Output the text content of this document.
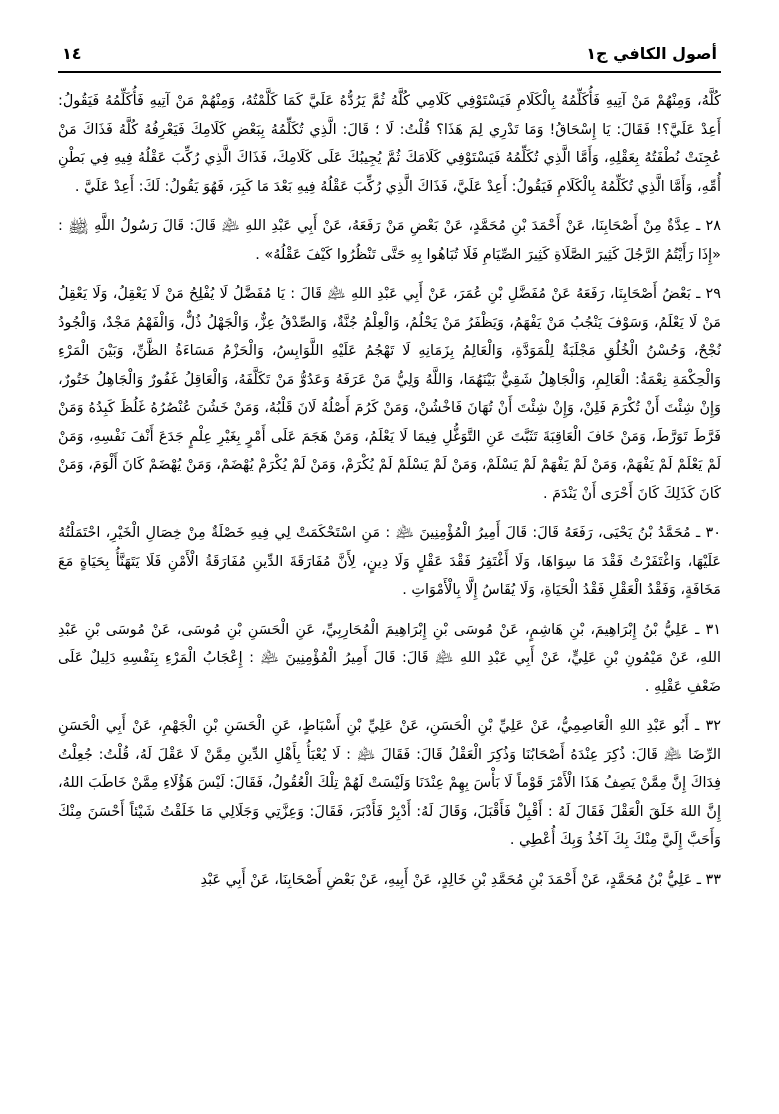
أصول الكافي ج١
١٤

كُلَّهُ، وَمِنْهُمْ مَنْ آتِيهِ فَأُكَلِّمُهُ بِالْكَلَامِ فَيَسْتَوْفِي كَلَامِي كُلَّهُ ثُمَّ يَرُدُّهُ عَلَيَّ كَمَا كَلَّمْتُهُ، وَمِنْهُمْ مَنْ آتِيهِ فَأُكَلِّمُهُ فَيَقُولُ: أَعِدْ عَلَيَّ؟! فَقَالَ: يَا إِسْحَاقُ! وَمَا تَدْرِي لِمَ هَذَا؟ قُلْتُ: لَا ؛ قَالَ: الَّذِي تُكَلِّمُهُ بِبَعْضِ كَلَامِكَ فَيَعْرِفُهُ كُلَّهُ فَذَاكَ مَنْ عُجِنَتْ نُطْفَتُهُ بِعَقْلِهِ، وَأَمَّا الَّذِي تُكَلِّمُهُ فَيَسْتَوْفِي كَلَامَكَ ثُمَّ يُجِيبُكَ عَلَى كَلَامِكَ، فَذَاكَ الَّذِي رُكِّبَ عَقْلُهُ فِيهِ فِي بَطْنِ أُمِّهِ، وَأَمَّا الَّذِي تُكَلِّمُهُ بِالْكَلَامِ فَيَقُولُ: أَعِدْ عَلَيَّ، فَذَاكَ الَّذِي رُكِّبَ عَقْلُهُ فِيهِ بَعْدَ مَا كَبِرَ، فَهُوَ يَقُولُ: لَكَ: أَعِدْ عَلَيَّ .

٢٨ ـ عِدَّةٌ مِنْ أَصْحَابِنَا، عَنْ أَحْمَدَ بْنِ مُحَمَّدٍ، عَنْ بَعْضِ مَنْ رَفَعَهُ، عَنْ أَبِي عَبْدِ اللهِ ﵇ قَالَ: قَالَ رَسُولُ اللَّهِ ﵌ : «إِذَا رَأَيْتُمُ الرَّجُلَ كَثِيرَ الصَّلَاةِ كَثِيرَ الصِّيَامِ فَلَا تُبَاهُوا بِهِ حَتَّى تَنْظُرُوا كَيْفَ عَقْلُهُ» .

٢٩ ـ بَعْضُ أَصْحَابِنَا، رَفَعَهُ عَنْ مُفَضَّلِ بْنِ عُمَرَ، عَنْ أَبِي عَبْدِ اللهِ ﵇ قَالَ : يَا مُفَضَّلُ لَا يُفْلِحُ مَنْ لَا يَعْقِلُ، وَلَا يَعْقِلُ مَنْ لَا يَعْلَمُ، وَسَوْفَ يَنْجُبُ مَنْ يَفْهَمُ، وَيَظْفَرُ مَنْ يَحْلُمُ، وَالْعِلْمُ جُنَّةٌ، وَالصِّدْقُ عِزٌّ، وَالْجَهْلُ ذُلٌّ، وَالْفَهْمُ مَجْدٌ، وَالْجُودُ نُجْحٌ، وَحُسْنُ الْخُلُقِ مَجْلَبَةٌ لِلْمَوَدَّةِ، وَالْعَالِمُ بِزَمَانِهِ لَا تَهْجُمُ عَلَيْهِ اللَّوَابِسُ، وَالْحَزْمُ مَسَاءَةُ الظَّنِّ، وَبَيْنَ الْمَرْءِ وَالْحِكْمَةِ نِعْمَةُ: الْعَالِمِ، وَالْجَاهِلُ شَقِيٌّ بَيْنَهُمَا، وَاللَّهُ وَلِيُّ مَنْ عَرَفَهُ وَعَدُوُّ مَنْ تَكَلَّفَهُ، وَالْعَاقِلُ غَفُورٌ وَالْجَاهِلُ خَتُورٌ، وَإِنْ شِئْتَ أَنْ تُكْرَمَ فَلِنْ، وَإِنْ شِئْتَ أَنْ تُهَانَ فَاخْشُنْ، وَمَنْ كَرُمَ أَصْلُهُ لَانَ قَلْبُهُ، وَمَنْ خَشُنَ عُنْصُرُهُ غَلُظَ كَبِدُهُ وَمَنْ فَرَّطَ تَوَرَّطَ، وَمَنْ خَافَ الْعَاقِبَةَ تَثَبَّتَ عَنِ التَّوَغُّلِ فِيمَا لَا يَعْلَمُ، وَمَنْ هَجَمَ عَلَى أَمْرٍ بِغَيْرِ عِلْمٍ جَدَعَ أَنْفَ نَفْسِهِ، وَمَنْ لَمْ يَعْلَمْ لَمْ يَفْهَمْ، وَمَنْ لَمْ يَفْهَمْ لَمْ يَسْلَمْ، وَمَنْ لَمْ يَسْلَمْ لَمْ يُكْرَمْ، وَمَنْ لَمْ يُكْرَمْ يُهْضَمْ، وَمَنْ يُهْضَمْ كَانَ أَلْوَمَ، وَمَنْ كَانَ كَذَلِكَ كَانَ أَحْرَى أَنْ يَنْدَمَ .

٣٠ ـ مُحَمَّدُ بْنُ يَحْيَى، رَفَعَهُ قَالَ: قَالَ أَمِيرُ الْمُؤْمِنِينَ ﵇ : مَنِ اسْتَحْكَمَتْ لِي فِيهِ خَصْلَةٌ مِنْ خِصَالِ الْخَيْرِ، احْتَمَلْتُهُ عَلَيْهَا، وَاغْتَفَرْتُ فَقْدَ مَا سِوَاهَا، وَلَا أَغْتَفِرُ فَقْدَ عَقْلٍ وَلَا دِينٍ، لِأَنَّ مُفَارَقَةَ الدِّينِ مُفَارَقَةُ الْأَمْنِ فَلَا يَتَهَنَّأُ بِحَيَاةٍ مَعَ مَخَافَةٍ، وَفَقْدُ الْعَقْلِ فَقْدُ الْحَيَاةِ، وَلَا يُقَاسُ إِلَّا بِالْأَمْوَاتِ .

٣١ ـ عَلِيُّ بْنُ إِبْرَاهِيمَ، بْنِ هَاشِمٍ، عَنْ مُوسَى بْنِ إِبْرَاهِيمَ الْمُحَارِبِيِّ، عَنِ الْحَسَنِ بْنِ مُوسَى، عَنْ مُوسَى بْنِ عَبْدِ اللهِ، عَنْ مَيْمُونِ بْنِ عَلِيٍّ، عَنْ أَبِي عَبْدِ اللهِ ﵇ قَالَ: قَالَ أَمِيرُ الْمُؤْمِنِينَ ﵇ : إِعْجَابُ الْمَرْءِ بِنَفْسِهِ دَلِيلٌ عَلَى ضَعْفِ عَقْلِهِ .

٣٢ ـ أَبُو عَبْدِ اللهِ الْعَاصِمِيُّ، عَنْ عَلِيِّ بْنِ الْحَسَنِ، عَنْ عَلِيِّ بْنِ أَسْبَاطٍ، عَنِ الْحَسَنِ بْنِ الْجَهْمِ، عَنْ أَبِي الْحَسَنِ الرِّضَا ﵇ قَالَ: ذُكِرَ عِنْدَهُ أَصْحَابُنَا وَذُكِرَ الْعَقْلُ قَالَ: فَقَالَ ﵇ : لَا يُعْبَأُ بِأَهْلِ الدِّينِ مِمَّنْ لَا عَقْلَ لَهُ، قُلْتُ: جُعِلْتُ فِدَاكَ إِنَّ مِمَّنْ يَصِفُ هَذَا الْأَمْرَ قَوْماً لَا بَأْسَ بِهِمْ عِنْدَنَا وَلَيْسَتْ لَهُمْ تِلْكَ الْعُقُولُ، فَقَالَ: لَيْسَ هَؤُلَاءِ مِمَّنْ خَاطَبَ اللهُ، إِنَّ اللهَ خَلَقَ الْعَقْلَ فَقَالَ لَهُ : أَقْبِلْ فَأَقْبَلَ، وَقَالَ لَهُ: أَدْبِرْ فَأَدْبَرَ، فَقَالَ: وَعِزَّتِي وَجَلَالِي مَا خَلَقْتُ شَيْئاً أَحْسَنَ مِنْكَ وَأَحَبَّ إِلَيَّ مِنْكَ بِكَ آخُذُ وَبِكَ أُعْطِي .

٣٣ ـ عَلِيُّ بْنُ مُحَمَّدٍ، عَنْ أَحْمَدَ بْنِ مُحَمَّدِ بْنِ خَالِدٍ، عَنْ أَبِيهِ، عَنْ بَعْضِ أَصْحَابِنَا، عَنْ أَبِي عَبْدِ
